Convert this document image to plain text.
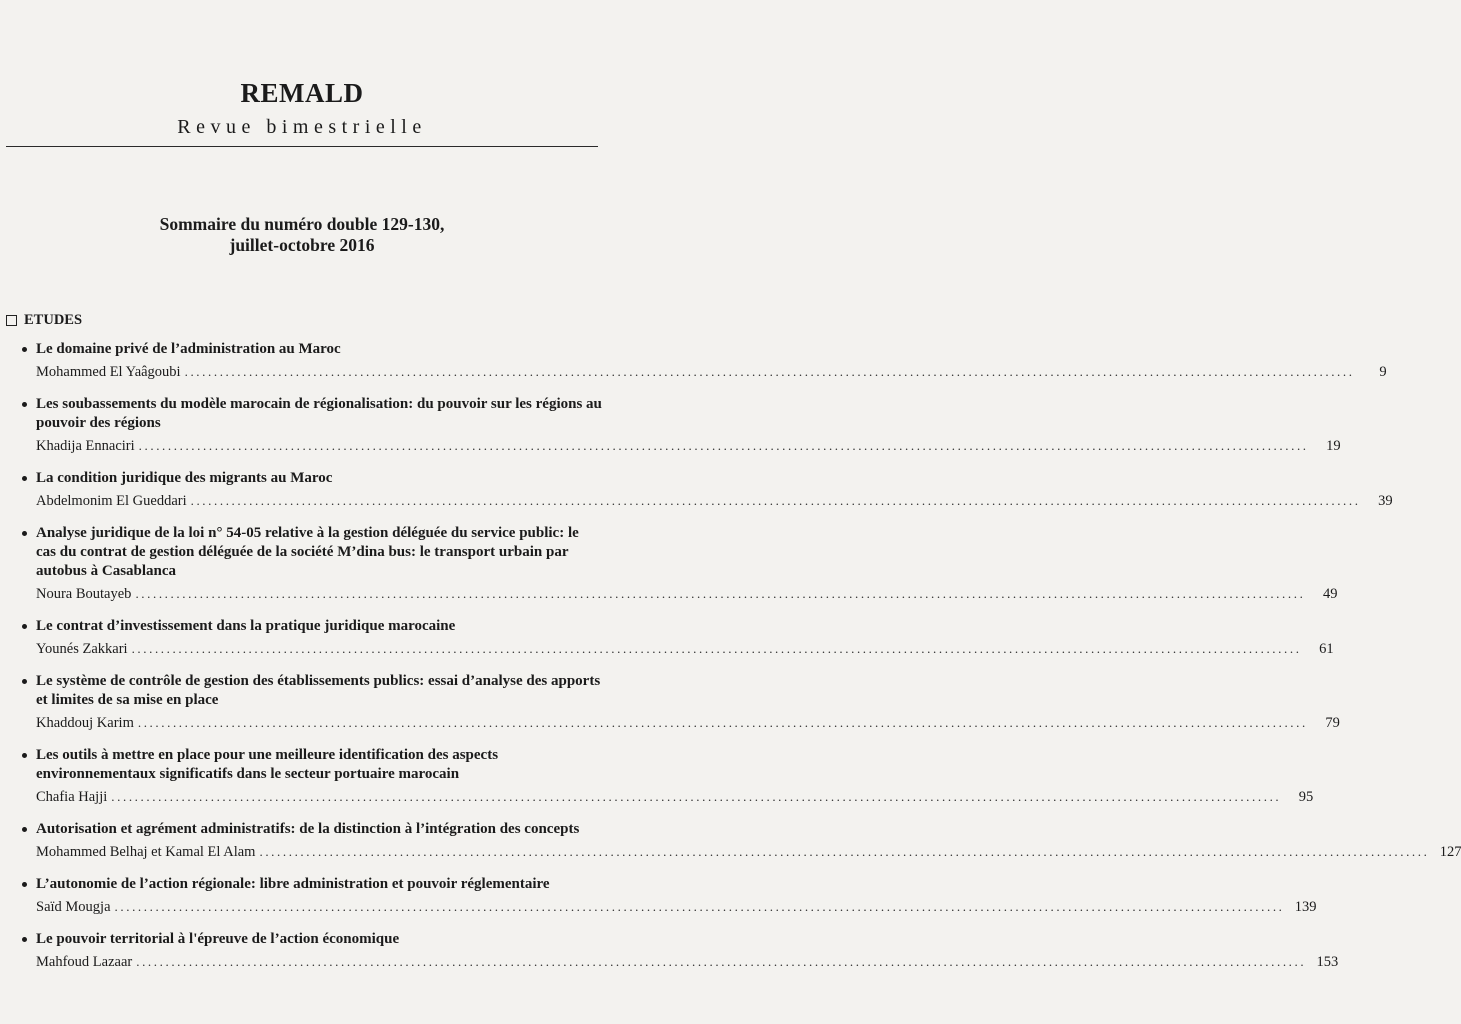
REMALD
Revue bimestrielle
Sommaire du numéro double 129-130,
juillet-octobre 2016
ETUDES
Le domaine privé de l’administration au Maroc
Mohammed El Yaâgoubi ........................................................................................................................................................................................................	9
Les soubassements du modèle marocain de régionalisation: du pouvoir sur les régions au pouvoir des régions
Khadija Ennaciri ........................................................................................................................................................................................................	19
La condition juridique des migrants au Maroc
Abdelmonim El Gueddari ........................................................................................................................................................................................................	39
Analyse juridique de la loi n° 54-05 relative à la gestion déléguée du service public: le cas du contrat de gestion déléguée de la société M’dina bus: le transport urbain par autobus à Casablanca
Noura Boutayeb ........................................................................................................................................................................................................	49
Le contrat d’investissement dans la pratique juridique marocaine
Younés Zakkari ........................................................................................................................................................................................................	61
Le système de contrôle de gestion des établissements publics: essai d’analyse des apports et limites de sa mise en place
Khaddouj Karim ........................................................................................................................................................................................................	79
Les outils à mettre en place pour une meilleure identification des aspects environnementaux significatifs dans le secteur portuaire marocain
Chafia Hajji ........................................................................................................................................................................................................	95
Autorisation et agrément administratifs: de la distinction à l’intégration des concepts
Mohammed Belhaj et Kamal El Alam ........................................................................................................................................................................................................ 127
L’autonomie de l’action régionale: libre administration et pouvoir réglementaire
Saïd Mougja ........................................................................................................................................................................................................ 139
Le pouvoir territorial à l'épreuve de l’action économique
Mahfoud Lazaar ........................................................................................................................................................................................................ 153
